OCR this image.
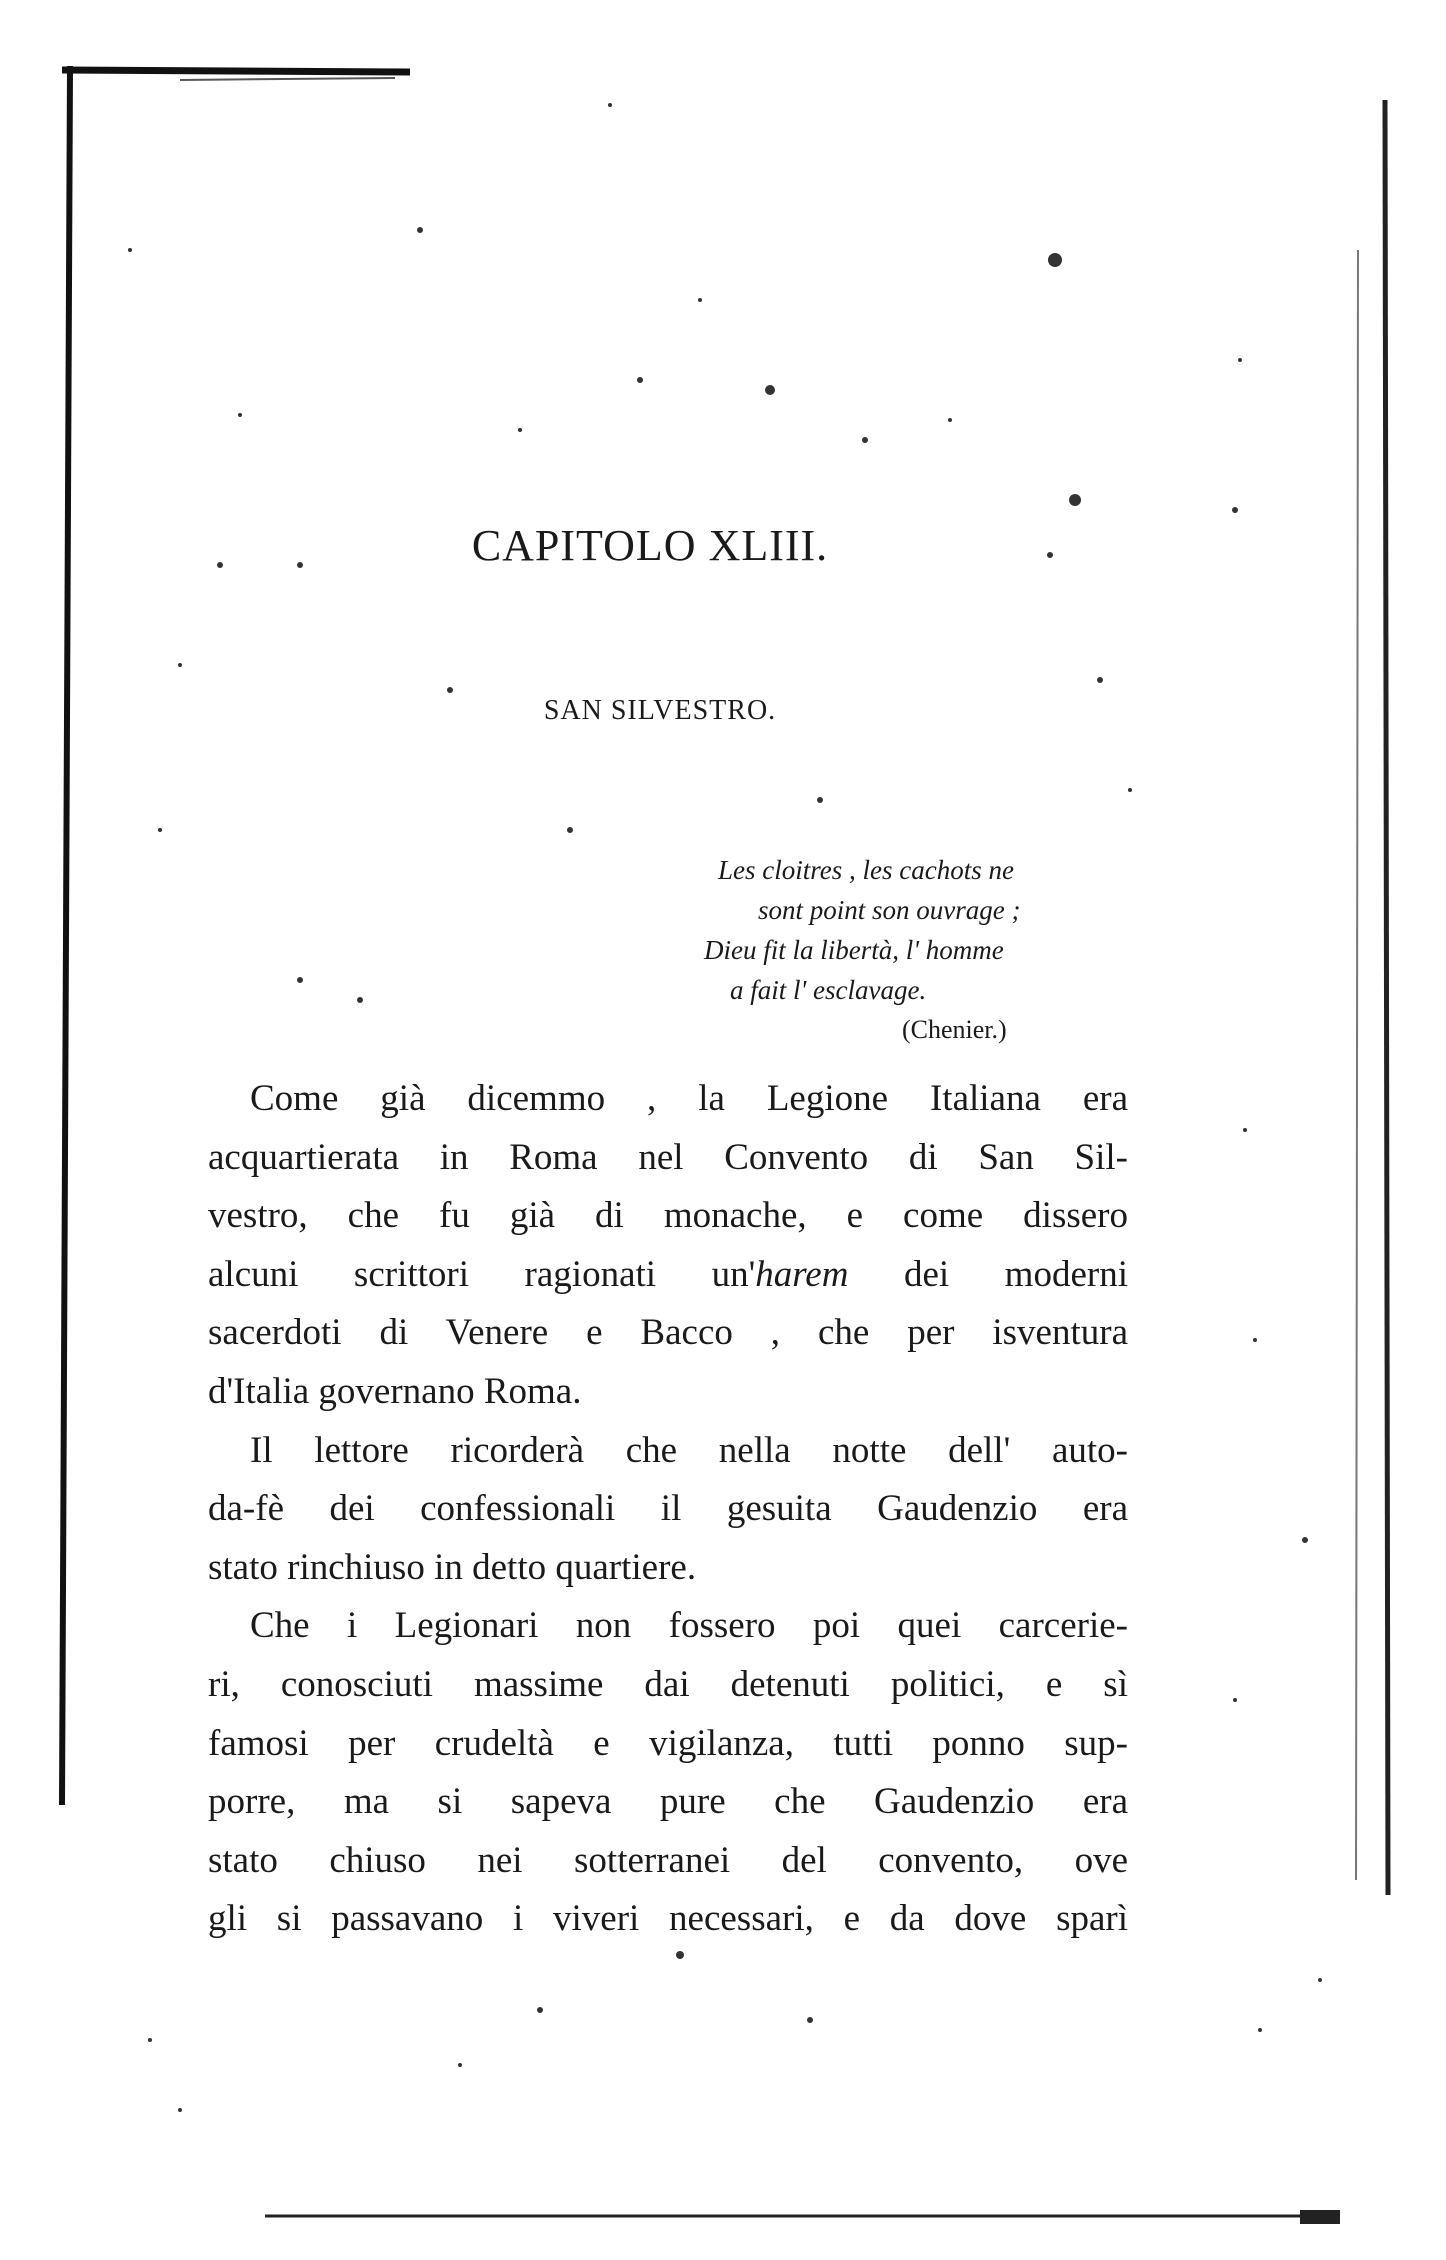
CAPITOLO XLIII.
SAN SILVESTRO.
Les cloitres , les cachots ne
sont point son ouvrage ;
Dieu fit la libertà, l' homme
a fait l' esclavage.
(Chenier.)
Come già dicemmo , la Legione Italiana era
acquartierata in Roma nel Convento di San Sil-
vestro, che fu già di monache, e come dissero
alcuni scrittori ragionati un'harem dei moderni
sacerdoti di Venere e Bacco , che per isventura
d'Italia governano Roma.
Il lettore ricorderà che nella notte dell' auto-
da-fè dei confessionali il gesuita Gaudenzio era
stato rinchiuso in detto quartiere.
Che i Legionari non fossero poi quei carcerie-
ri, conosciuti massime dai detenuti politici, e sì
famosi per crudeltà e vigilanza, tutti ponno sup-
porre, ma si sapeva pure che Gaudenzio era
stato chiuso nei sotterranei del convento, ove
gli si passavano i viveri necessari, e da dove sparì
